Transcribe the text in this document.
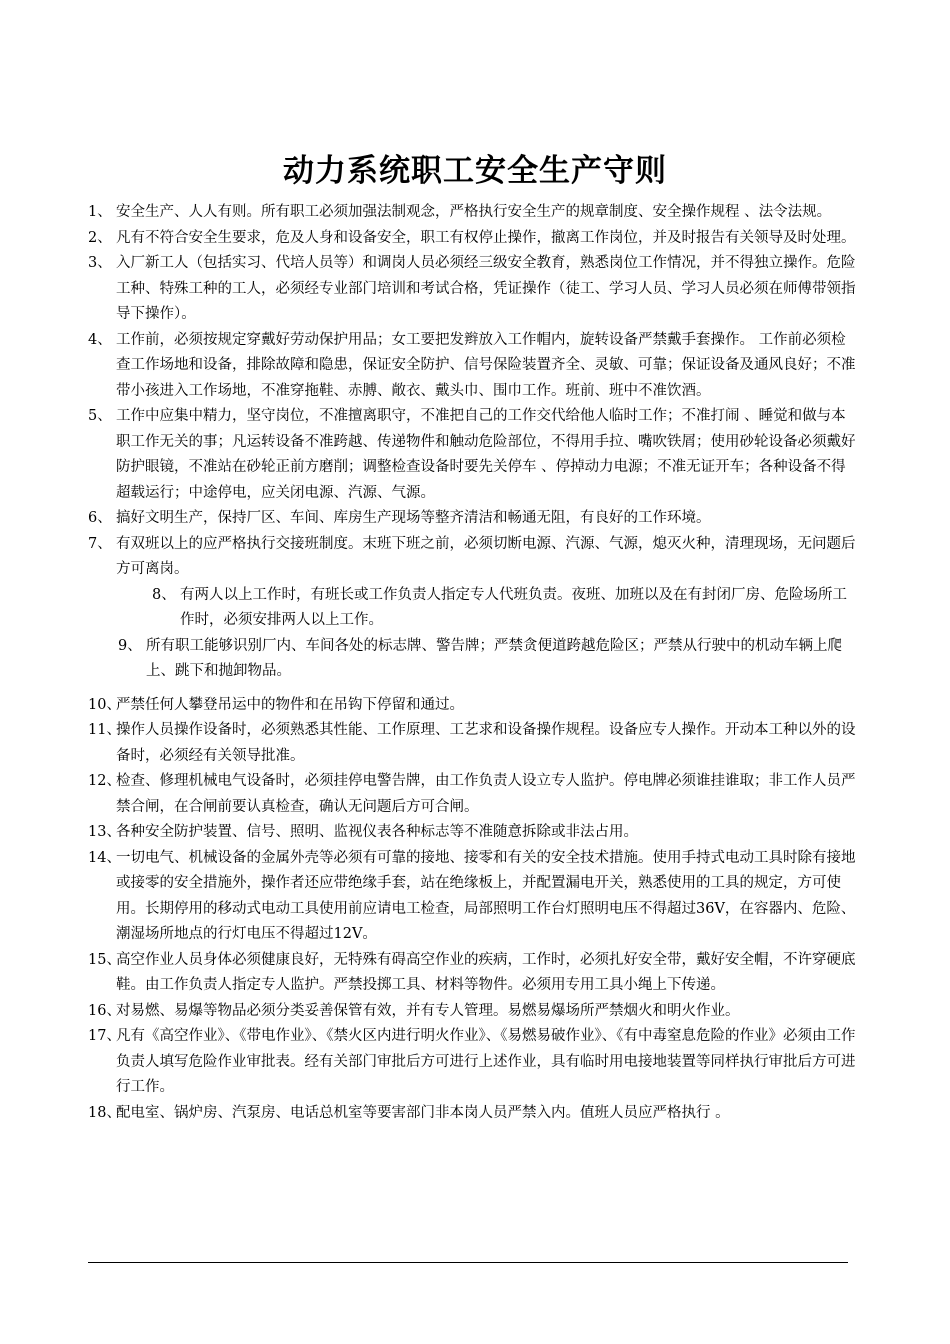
动力系统职工安全生产守则
1、 安全生产、人人有则。所有职工必须加强法制观念，严格执行安全生产的规章制度、安全操作规程 、法令法规。
2、 凡有不符合安全生要求，危及人身和设备安全，职工有权停止操作，撤离工作岗位，并及时报告有关领导及时处理。
3、 入厂新工人（包括实习、代培人员等）和调岗人员必须经三级安全教育，熟悉岗位工作情况，并不得独立操作。危险工种、特殊工种的工人，必须经专业部门培训和考试合格，凭证操作（徒工、学习人员、学习人员必须在师傅带领指导下操作）。
4、 工作前，必须按规定穿戴好劳动保护用品；女工要把发辫放入工作帽内，旋转设备严禁戴手套操作。 工作前必须检查工作场地和设备，排除故障和隐患，保证安全防护、信号保险装置齐全、灵敏、可靠；保证设备及通风良好；不准带小孩进入工作场地，不准穿拖鞋、赤膊、敞衣、戴头巾、围巾工作。班前、班中不准饮酒。
5、 工作中应集中精力，坚守岗位，不准擅离职守，不准把自己的工作交代给他人临时工作；不准打闹 、睡觉和做与本职工作无关的事；凡运转设备不准跨越、传递物件和触动危险部位，不得用手拉、嘴吹铁屑；使用砂轮设备必须戴好防护眼镜，不准站在砂轮正前方磨削；调整检查设备时要先关停车 、停掉动力电源；不准无证开车；各种设备不得超载运行；中途停电，应关闭电源、汽源、气源。
6、 搞好文明生产，保持厂区、车间、库房生产现场等整齐清洁和畅通无阻，有良好的工作环境。
7、 有双班以上的应严格执行交接班制度。末班下班之前，必须切断电源、汽源、气源，熄灭火种，清理现场，无问题后方可离岗。
8、 有两人以上工作时，有班长或工作负责人指定专人代班负责。夜班、加班以及在有封闭厂房、危险场所工作时，必须安排两人以上工作。
9、 所有职工能够识别厂内、车间各处的标志牌、警告牌；严禁贪便道跨越危险区；严禁从行驶中的机动车辆上爬上、跳下和抛卸物品。
10、
严禁任何人攀登吊运中的物件和在吊钩下停留和通过。
11、
操作人员操作设备时，必须熟悉其性能、工作原理、工艺求和设备操作规程。设备应专人操作。开动本工种以外的设备时，必须经有关领导批准。
12、
检查、修理机械电气设备时，必须挂停电警告牌，由工作负责人设立专人监护。停电牌必须谁挂谁取；非工作人员严禁合闸，在合闸前要认真检查，确认无问题后方可合闸。
13、
各种安全防护装置、信号、照明、监视仪表各种标志等不准随意拆除或非法占用。
14、
一切电气、机械设备的金属外壳等必须有可靠的接地、接零和有关的安全技术措施。使用手持式电动工具时除有接地或接零的安全措施外，操作者还应带绝缘手套，站在绝缘板上，并配置漏电开关，熟悉使用的工具的规定，方可使用。长期停用的移动式电动工具使用前应请电工检查，局部照明工作台灯照明电压不得超过36V，在容器内、危险、潮湿场所地点的行灯电压不得超过12V。
15、
高空作业人员身体必须健康良好，无特殊有碍高空作业的疾病，工作时，必须扎好安全带，戴好安全帽，不许穿硬底鞋。由工作负责人指定专人监护。严禁投掷工具、材料等物件。必须用专用工具小绳上下传递。
16、
对易燃、易爆等物品必须分类妥善保管有效，并有专人管理。易燃易爆场所严禁烟火和明火作业。
17、
凡有《高空作业》、《带电作业》、《禁火区内进行明火作业》、《易燃易破作业》、《有中毒窒息危险的作业》必须由工作负责人填写危险作业审批表。经有关部门审批后方可进行上述作业，具有临时用电接地装置等同样执行审批后方可进行工作。
18、
配电室、锅炉房、汽泵房、电话总机室等要害部门非本岗人员严禁入内。值班人员应严格执行 。
